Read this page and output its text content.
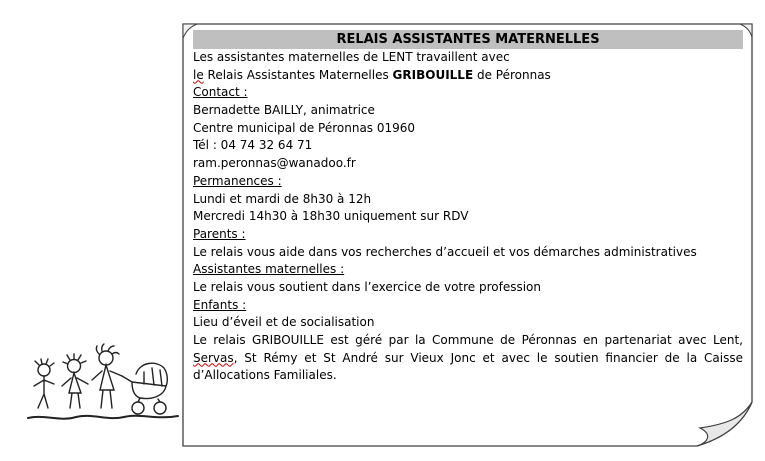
RELAIS ASSISTANTES MATERNELLES
Les assistantes maternelles de LENT travaillent avec
le Relais Assistantes Maternelles GRIBOUILLE de Péronnas
Contact :
Bernadette BAILLY, animatrice
Centre municipal de Péronnas 01960
Tél : 04 74 32 64 71
ram.peronnas@wanadoo.fr
Permanences :
Lundi et mardi de 8h30 à 12h
Mercredi 14h30 à 18h30 uniquement sur RDV
Parents :
Le relais vous aide dans vos recherches d’accueil et vos démarches administratives
Assistantes maternelles :
Le relais vous soutient dans l’exercice de votre profession
Enfants :
Lieu d’éveil et de socialisation
Le relais GRIBOUILLE est géré par la Commune de Péronnas en partenariat avec Lent, Servas, St Rémy et St André sur Vieux Jonc et avec le soutien financier de la Caisse d’Allocations Familiales.
